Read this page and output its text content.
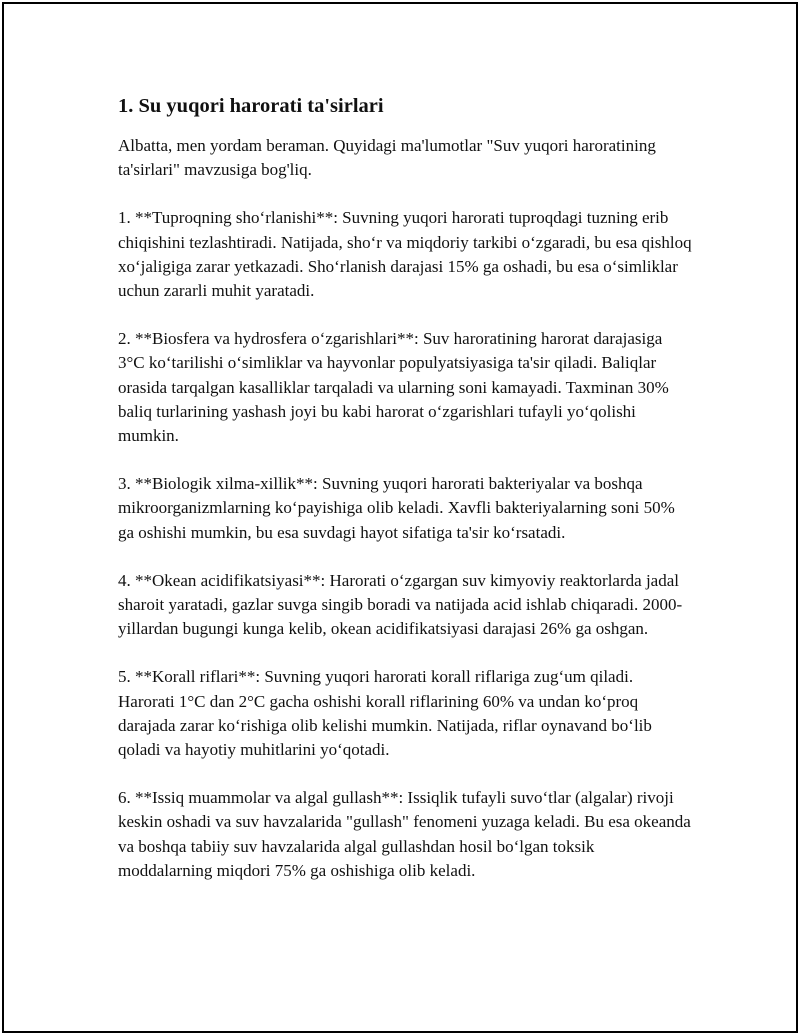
1. Su yuqori harorati ta'sirlari

Albatta, men yordam beraman. Quyidagi ma'lumotlar "Suv yuqori haroratining ta'sirlari" mavzusiga bog'liq.

1. **Tuproqning sho‘rlanishi**: Suvning yuqori harorati tuproqdagi tuzning erib chiqishini tezlashtiradi. Natijada, sho‘r va miqdoriy tarkibi o‘zgaradi, bu esa qishloq xo‘jaligiga zarar yetkazadi. Sho‘rlanish darajasi 15% ga oshadi, bu esa o‘simliklar uchun zararli muhit yaratadi.

2. **Biosfera va hydrosfera o‘zgarishlari**: Suv haroratining harorat darajasiga 3°C ko‘tarilishi o‘simliklar va hayvonlar populyatsiyasiga ta'sir qiladi. Baliqlar orasida tarqalgan kasalliklar tarqaladi va ularning soni kamayadi. Taxminan 30% baliq turlarining yashash joyi bu kabi harorat o‘zgarishlari tufayli yo‘qolishi mumkin.

3. **Biologik xilma-xillik**: Suvning yuqori harorati bakteriyalar va boshqa mikroorganizmlarning ko‘payishiga olib keladi. Xavfli bakteriyalarning soni 50% ga oshishi mumkin, bu esa suvdagi hayot sifatiga ta'sir ko‘rsatadi.

4. **Okean acidifikatsiyasi**: Harorati o‘zgargan suv kimyoviy reaktorlarda jadal sharoit yaratadi, gazlar suvga singib boradi va natijada acid ishlab chiqaradi. 2000-yillardan bugungi kunga kelib, okean acidifikatsiyasi darajasi 26% ga oshgan.

5. **Korall riflari**: Suvning yuqori harorati korall riflariga zug‘um qiladi. Harorati 1°C dan 2°C gacha oshishi korall riflarining 60% va undan ko‘proq darajada zarar ko‘rishiga olib kelishi mumkin. Natijada, riflar oynavand bo‘lib qoladi va hayotiy muhitlarini yo‘qotadi.

6. **Issiq muammolar va algal gullash**: Issiqlik tufayli suvo‘tlar (algalar) rivoji keskin oshadi va suv havzalarida "gullash" fenomeni yuzaga keladi. Bu esa okeanda va boshqa tabiiy suv havzalarida algal gullashdan hosil bo‘lgan toksik moddalarning miqdori 75% ga oshishiga olib keladi.
